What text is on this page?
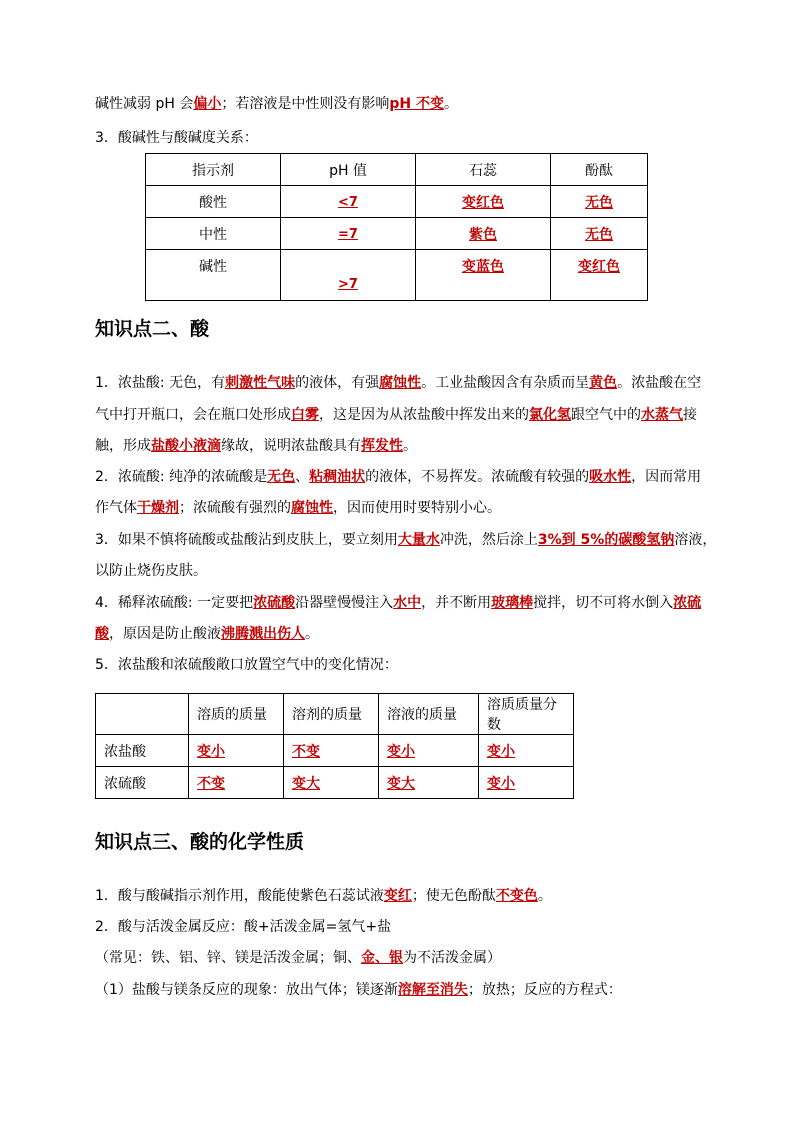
碱性减弱 pH 会偏小；若溶液是中性则没有影响pH 不变。
3．酸碱性与酸碱度关系：
指示剂	pH 值	石蕊	酚酞
酸性	<7	变红色	无色
中性	=7	紫色	无色
碱性	>7	变蓝色	变红色
知识点二、酸
1．浓盐酸: 无色，有刺激性气味的液体，有强腐蚀性。工业盐酸因含有杂质而呈黄色。浓盐酸在空
气中打开瓶口，会在瓶口处形成白雾，这是因为从浓盐酸中挥发出来的氯化氢跟空气中的水蒸气接
触，形成盐酸小液滴缘故，说明浓盐酸具有挥发性。
2．浓硫酸: 纯净的浓硫酸是无色、粘稠油状的液体，不易挥发。浓硫酸有较强的吸水性，因而常用
作气体干燥剂；浓硫酸有强烈的腐蚀性，因而使用时要特别小心。
3．如果不慎将硫酸或盐酸沾到皮肤上，要立刻用大量水冲洗，然后涂上3%到 5%的碳酸氢钠溶液，
以防止烧伤皮肤。
4．稀释浓硫酸: 一定要把浓硫酸沿器壁慢慢注入水中，并不断用玻璃棒搅拌，切不可将水倒入浓硫
酸，原因是防止酸液沸腾溅出伤人。
5．浓盐酸和浓硫酸敞口放置空气中的变化情况：
	溶质的质量	溶剂的质量	溶液的质量	溶质质量分数
浓盐酸	变小	不变	变小	变小
浓硫酸	不变	变大	变大	变小
知识点三、酸的化学性质
1．酸与酸碱指示剂作用，酸能使紫色石蕊试液变红；使无色酚酞不变色。
2．酸与活泼金属反应：酸+活泼金属=氢气+盐
（常见：铁、铝、锌、镁是活泼金属；铜、金、银为不活泼金属）
（1）盐酸与镁条反应的现象：放出气体；镁逐渐溶解至消失；放热；反应的方程式：
